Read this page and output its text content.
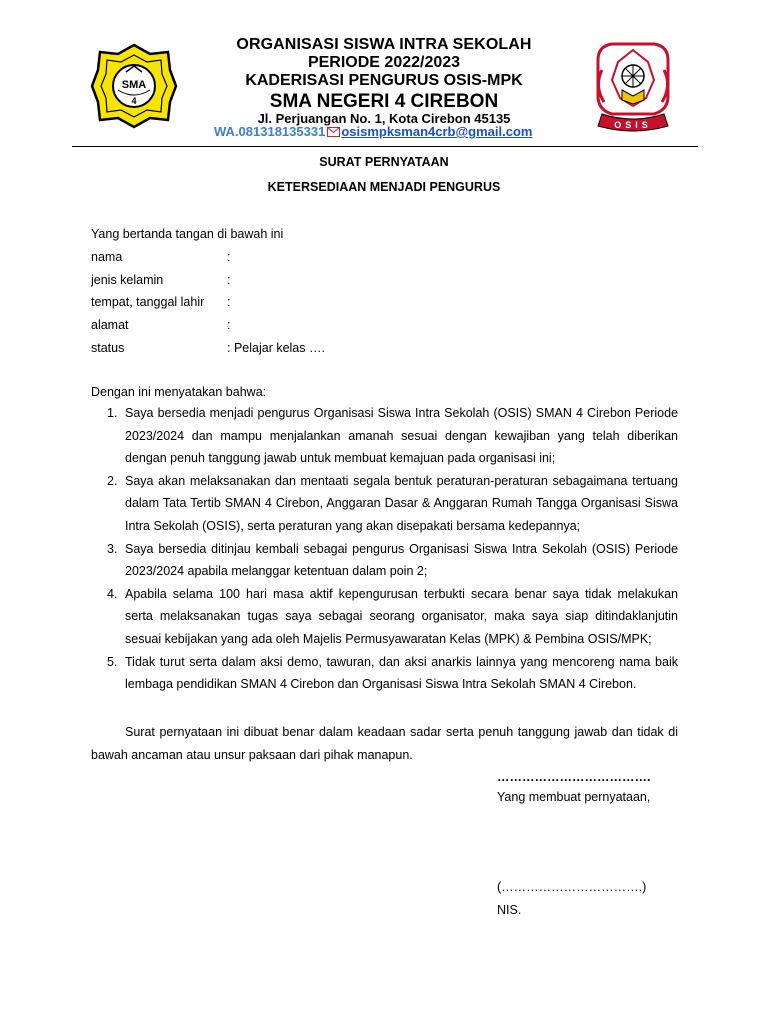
SMA
4
ORGANISASI SISWA INTRA SEKOLAH
PERIODE 2022/2023
KADERISASI PENGURUS OSIS-MPK
SMA NEGERI 4 CIREBON
Jl. Perjuangan No. 1, Kota Cirebon 45135
WA.081318135331 osismpksman4crb@gmail.com	OSIS
SURAT PERNYATAAN
KETERSEDIAAN MENJADI PENGURUS
Yang bertanda tangan di bawah ini
nama	:
jenis kelamin	:
tempat, tanggal lahir :
alamat	:
status	: Pelajar kelas ….
Dengan ini menyatakan bahwa:
1. Saya bersedia menjadi pengurus Organisasi Siswa Intra Sekolah (OSIS) SMAN 4 Cirebon Periode 2023/2024 dan mampu menjalankan amanah sesuai dengan kewajiban yang telah diberikan dengan penuh tanggung jawab untuk membuat kemajuan pada organisasi ini;
2. Saya akan melaksanakan dan mentaati segala bentuk peraturan-peraturan sebagaimana tertuang dalam Tata Tertib SMAN 4 Cirebon, Anggaran Dasar & Anggaran Rumah Tangga Organisasi Siswa Intra Sekolah (OSIS), serta peraturan yang akan disepakati bersama kedepannya;
3. Saya bersedia ditinjau kembali sebagai pengurus Organisasi Siswa Intra Sekolah (OSIS) Periode 2023/2024 apabila melanggar ketentuan dalam poin 2;
4. Apabila selama 100 hari masa aktif kepengurusan terbukti secara benar saya tidak melakukan serta melaksanakan tugas saya sebagai seorang organisator, maka saya siap ditindaklanjutin sesuai kebijakan yang ada oleh Majelis Permusyawaratan Kelas (MPK) & Pembina OSIS/MPK;
5. Tidak turut serta dalam aksi demo, tawuran, dan aksi anarkis lainnya yang mencoreng nama baik lembaga pendidikan SMAN 4 Cirebon dan Organisasi Siswa Intra Sekolah SMAN 4 Cirebon.
Surat pernyataan ini dibuat benar dalam keadaan sadar serta penuh tanggung jawab dan tidak di bawah ancaman atau unsur paksaan dari pihak manapun.
……………………………….
Yang membuat pernyataan,
(…………………………….)
NIS.
